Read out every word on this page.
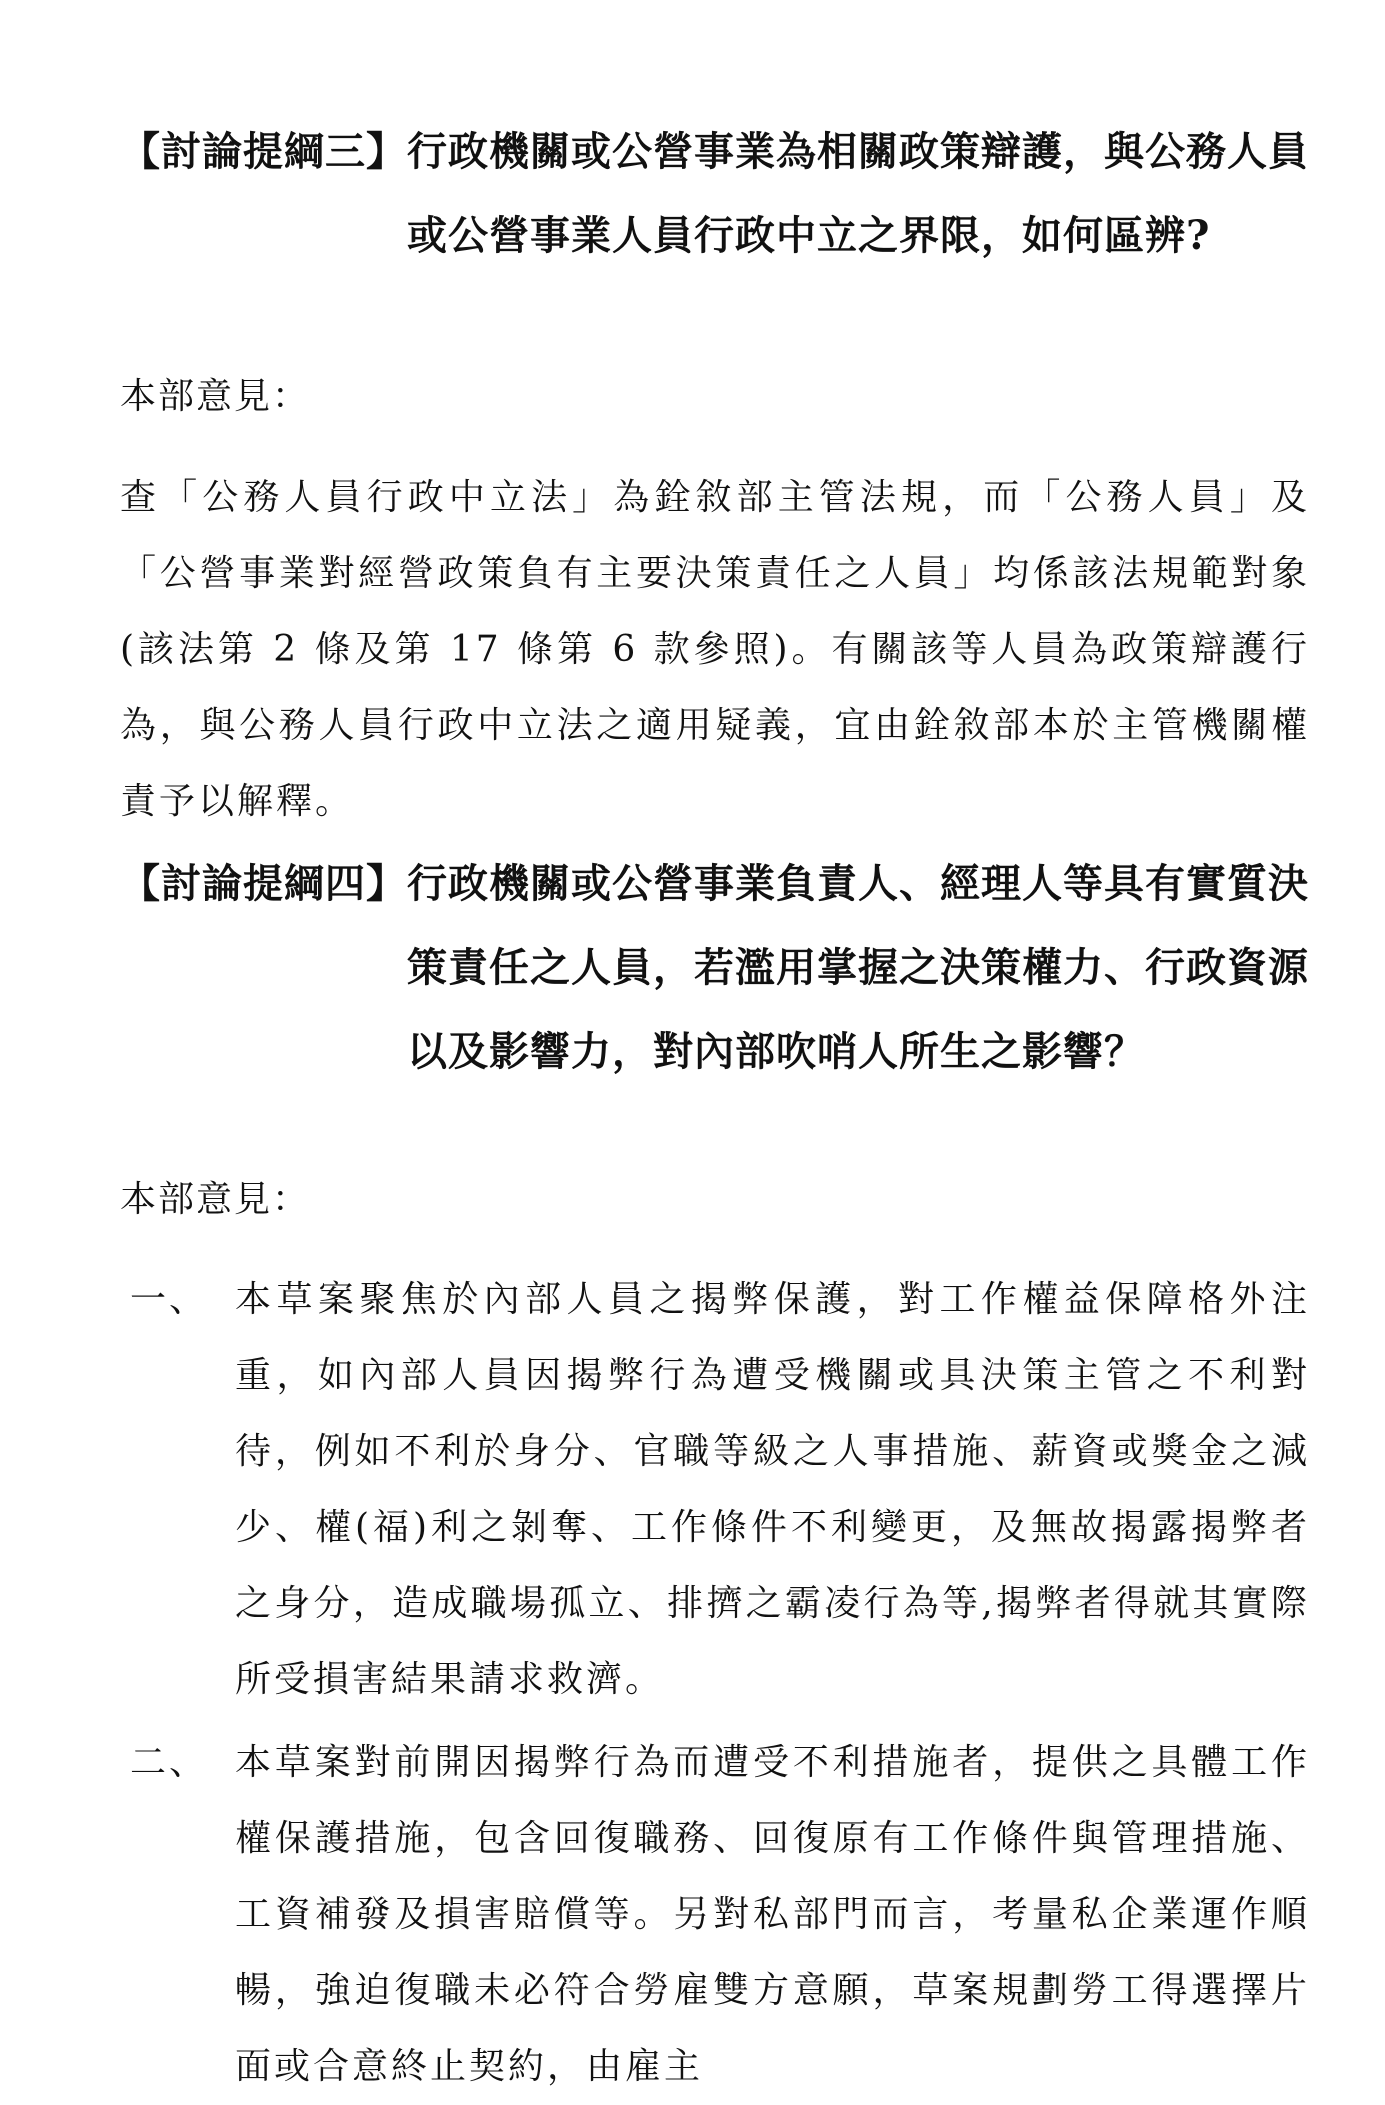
【討論提綱三】 行政機關或公營事業為相關政策辯護，與公務人員或公營事業人員行政中立之界限，如何區辨?
本部意見：
查「公務人員行政中立法」為銓敘部主管法規，而「公務人員」及「公營事業對經營政策負有主要決策責任之人員」均係該法規範對象(該法第 2 條及第 17 條第 6 款參照)。有關該等人員為政策辯護行為，與公務人員行政中立法之適用疑義，宜由銓敘部本於主管機關權責予以解釋。
【討論提綱四】 行政機關或公營事業負責人、經理人等具有實質決策責任之人員，若濫用掌握之決策權力、行政資源以及影響力，對內部吹哨人所生之影響？
本部意見：
一、 本草案聚焦於內部人員之揭弊保護，對工作權益保障格外注重，如內部人員因揭弊行為遭受機關或具決策主管之不利對待，例如不利於身分、官職等級之人事措施、薪資或獎金之減少、權(福)利之剝奪、工作條件不利變更，及無故揭露揭弊者之身分，造成職場孤立、排擠之霸凌行為等,揭弊者得就其實際所受損害結果請求救濟。
二、 本草案對前開因揭弊行為而遭受不利措施者，提供之具體工作權保護措施，包含回復職務、回復原有工作條件與管理措施、工資補發及損害賠償等。另對私部門而言，考量私企業運作順暢，強迫復職未必符合勞雇雙方意願，草案規劃勞工得選擇片面或合意終止契約，由雇主
